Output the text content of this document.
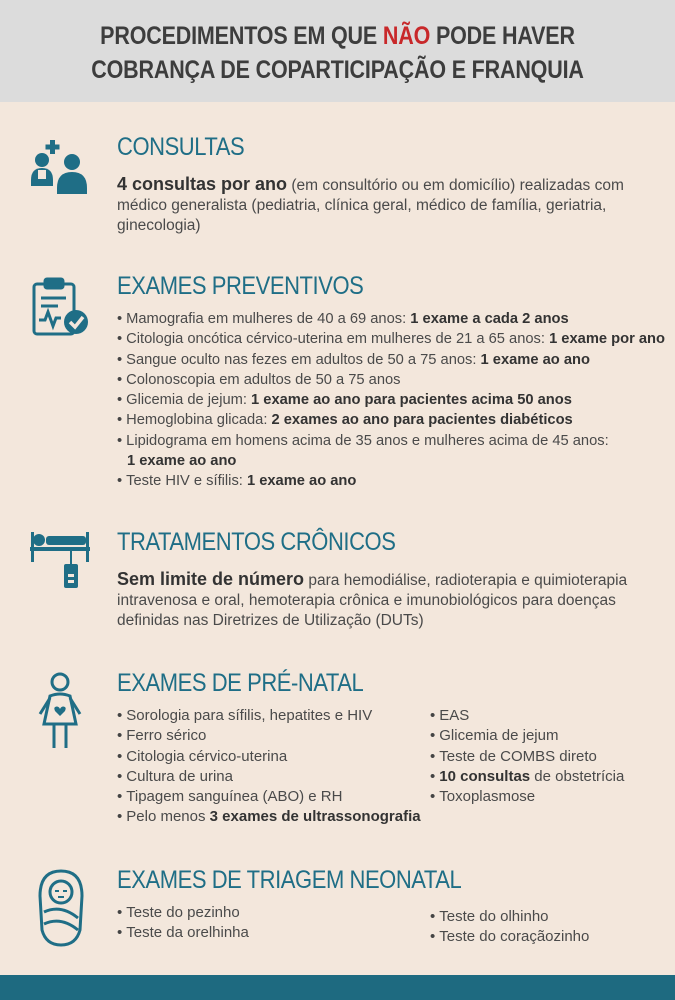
PROCEDIMENTOS EM QUE NÃO PODE HAVER
COBRANÇA DE COPARTICIPAÇÃO E FRANQUIA
CONSULTAS
4 consultas por ano (em consultório ou em domicílio) realizadas com médico generalista (pediatria, clínica geral, médico de família, geriatria, ginecologia)
EXAMES PREVENTIVOS
• Mamografia em mulheres de 40 a 69 anos: 1 exame a cada 2 anos
• Citologia oncótica cérvico-uterina em mulheres de 21 a 65 anos: 1 exame por ano
• Sangue oculto nas fezes em adultos de 50 a 75 anos: 1 exame ao ano
• Colonoscopia em adultos de 50 a 75 anos
• Glicemia de jejum: 1 exame ao ano para pacientes acima 50 anos
• Hemoglobina glicada: 2 exames ao ano para pacientes diabéticos
• Lipidograma em homens acima de 35 anos e mulheres acima de 45 anos:
1 exame ao ano
• Teste HIV e sífilis: 1 exame ao ano
TRATAMENTOS CRÔNICOS
Sem limite de número para hemodiálise, radioterapia e quimioterapia intravenosa e oral, hemoterapia crônica e imunobiológicos para doenças definidas nas Diretrizes de Utilização (DUTs)
EXAMES DE PRÉ-NATAL
• Sorologia para sífilis, hepatites e HIV
• Ferro sérico
• Citologia cérvico-uterina
• Cultura de urina
• Tipagem sanguínea (ABO) e RH
• Pelo menos 3 exames de ultrassonografia
• EAS
• Glicemia de jejum
• Teste de COMBS direto
• 10 consultas de obstetrícia
• Toxoplasmose
EXAMES DE TRIAGEM NEONATAL
• Teste do pezinho
• Teste da orelhinha
• Teste do olhinho
• Teste do coraçãozinho
